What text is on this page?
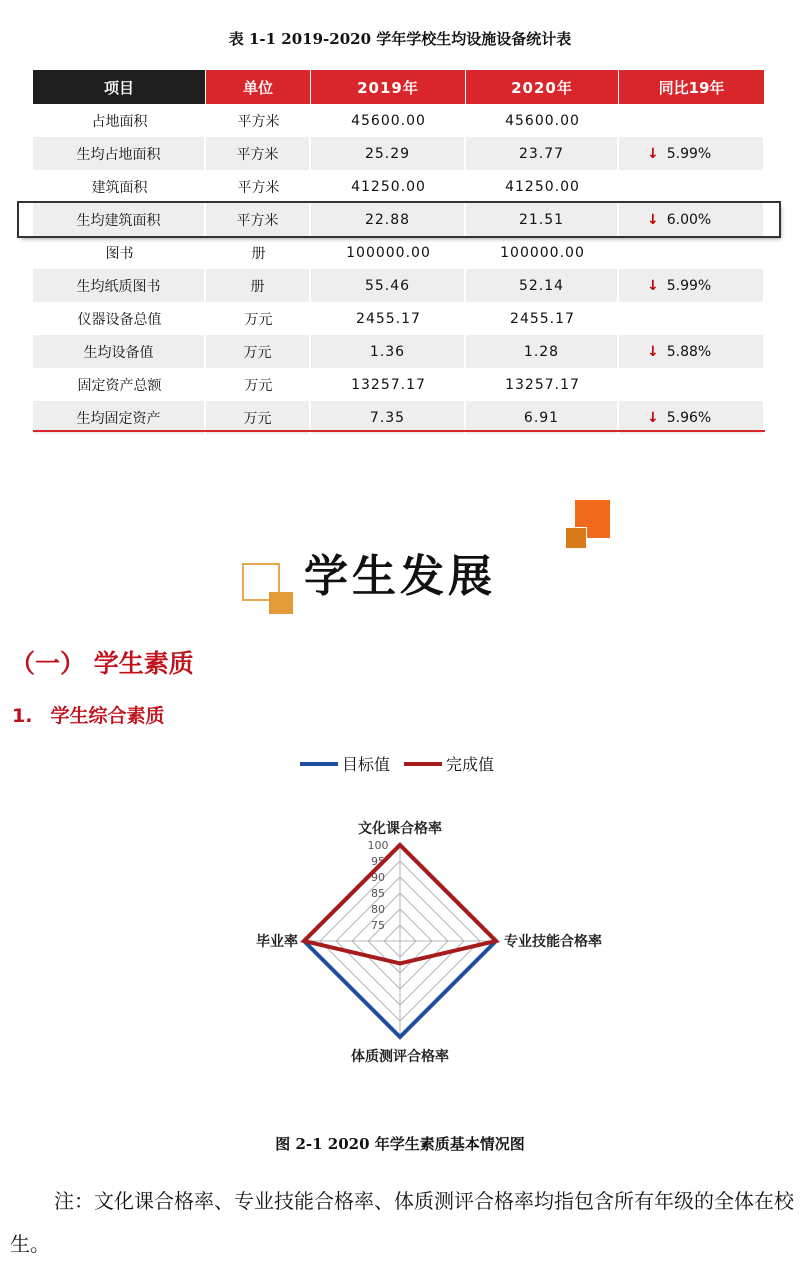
表 1-1 2019-2020 学年学校生均设施设备统计表
项目	单位	2019年	2020年	同比19年
占地面积	平方米	45600.00	45600.00
生均占地面积	平方米	25.29	23.77	↓ 5.99%
建筑面积	平方米	41250.00	41250.00
生均建筑面积	平方米	22.88	21.51	↓ 6.00%
图书	册	100000.00	100000.00
生均纸质图书	册	55.46	52.14	↓ 5.99%
仪器设备总值	万元	2455.17	2455.17
生均设备值	万元	1.36	1.28	↓ 5.88%
固定资产总额	万元	13257.17	13257.17
生均固定资产	万元	7.35	6.91	↓ 5.96%
学生发展
（一） 学生素质
1. 学生综合素质
目标值	完成值
75
80
85
90
95
100
文化课合格率
专业技能合格率
体质测评合格率
毕业率
图 2-1 2020 年学生素质基本情况图
注：文化课合格率、专业技能合格率、体质测评合格率均指包含所有年级的全体在校生。
